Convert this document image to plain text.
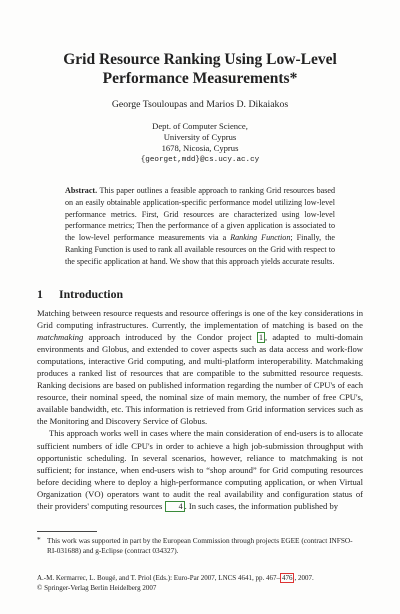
Grid Resource Ranking Using Low-Level
Performance Measurements*
George Tsouloupas and Marios D. Dikaiakos
Dept. of Computer Science,
University of Cyprus
1678, Nicosia, Cyprus
{georget,mdd}@cs.ucy.ac.cy
Abstract. This paper outlines a feasible approach to ranking Grid resources based on an easily obtainable application-specific performance model utilizing low-level performance metrics. First, Grid resources are characterized using low-level performance metrics; Then the performance of a given application is associated to the low-level performance measurements via a Ranking Function; Finally, the Ranking Function is used to rank all available resources on the Grid with respect to the specific application at hand. We show that this approach yields accurate results.
1 Introduction

Matching between resource requests and resource offerings is one of the key considerations in Grid computing infrastructures. Currently, the implementation of matching is based on the matchmaking approach introduced by the Condor project 1 , adapted to multi-domain environments and Globus, and extended to cover aspects such as data access and work-flow computations, interactive Grid computing, and multi-platform interoperability. Matchmaking produces a ranked list of resources that are compatible to the submitted resource requests. Ranking decisions are based on published information regarding the number of CPU's of each resource, their nominal speed, the nominal size of main memory, the number of free CPU's, available bandwidth, etc. This information is retrieved from Grid information services such as the Monitoring and Discovery Service of Globus.

This approach works well in cases where the main consideration of end-users is to allocate sufficient numbers of idle CPU's in order to achieve a high job-submission throughput with opportunistic scheduling. In several scenarios, however, reliance to matchmaking is not sufficient; for instance, when end-users wish to “shop around” for Grid computing resources before deciding where to deploy a high-performance computing application, or when Virtual Organization (VO) operators want to audit the real availability and configuration status of their providers' computing resources 4 . In such cases, the information published by

* This work was supported in part by the European Commission through projects EGEE (contract INFSO-RI-031688) and g-Eclipse (contract 034327).
A.-M. Kermarrec, L. Bougé, and T. Priol (Eds.): Euro-Par 2007, LNCS 4641, pp. 467– 476 , 2007.
© Springer-Verlag Berlin Heidelberg 2007
